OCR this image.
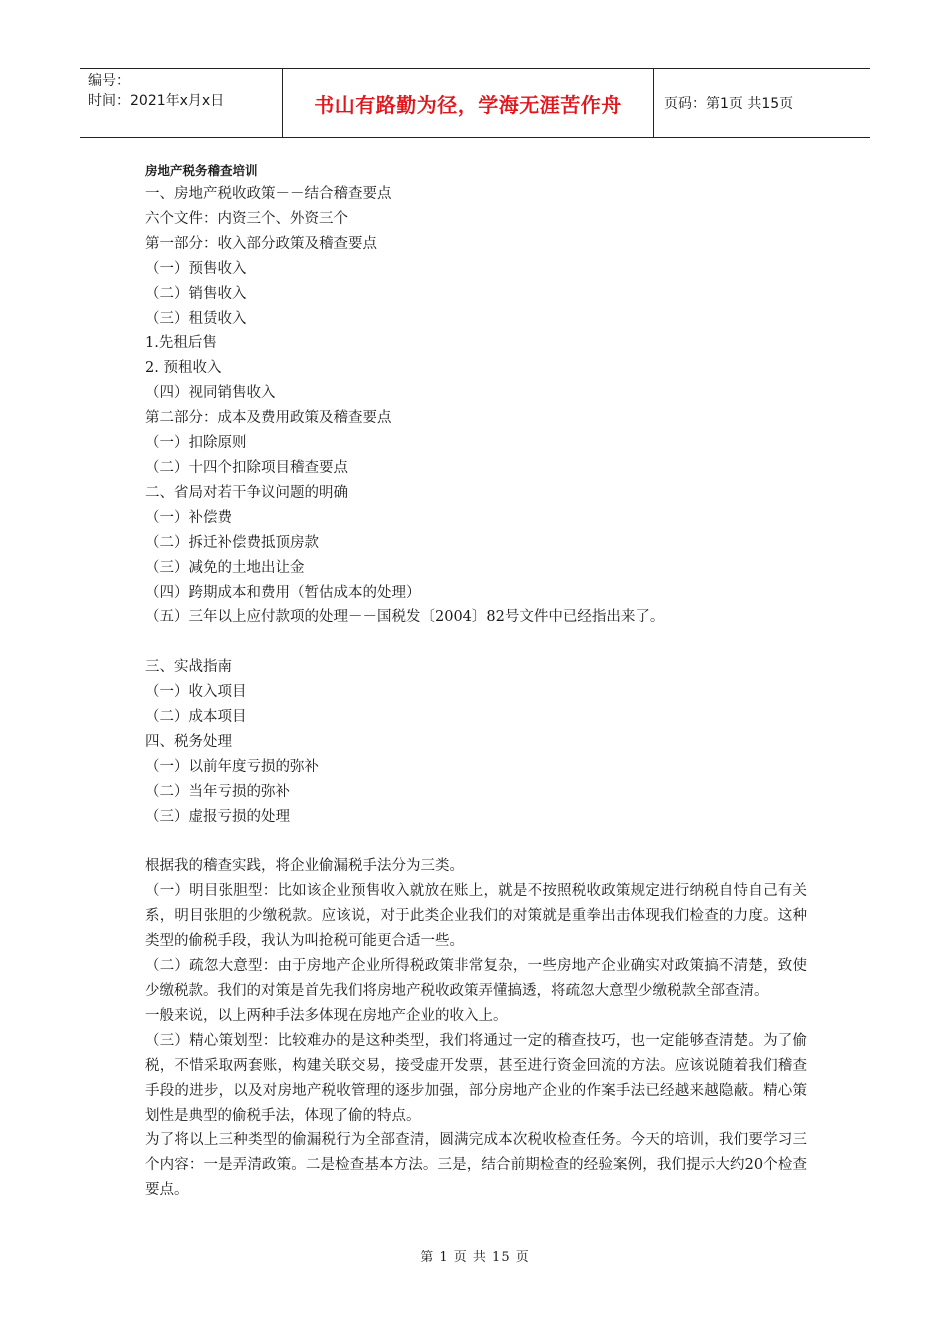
编号：
时间：2021年x月x日	书山有路勤为径，学海无涯苦作舟	页码：第1页 共15页

房地产税务稽查培训

一、房地产税收政策－－结合稽查要点

六个文件：内资三个、外资三个

第一部分：收入部分政策及稽查要点

（一）预售收入

（二）销售收入

（三）租赁收入

1.先租后售

2. 预租收入

（四）视同销售收入

第二部分：成本及费用政策及稽查要点

（一）扣除原则

（二）十四个扣除项目稽查要点

二、省局对若干争议问题的明确

（一）补偿费

（二）拆迁补偿费抵顶房款

（三）减免的土地出让金

（四）跨期成本和费用（暂估成本的处理）

（五）三年以上应付款项的处理－－国税发〔2004〕82号文件中已经指出来了。

三、实战指南

（一）收入项目

（二）成本项目

四、税务处理

（一）以前年度亏损的弥补

（二）当年亏损的弥补

（三）虚报亏损的处理

根据我的稽查实践，将企业偷漏税手法分为三类。

（一）明目张胆型：比如该企业预售收入就放在账上，就是不按照税收政策规定进行纳税自恃自己有关系，明目张胆的少缴税款。应该说，对于此类企业我们的对策就是重拳出击体现我们检查的力度。这种类型的偷税手段，我认为叫抢税可能更合适一些。

（二）疏忽大意型：由于房地产企业所得税政策非常复杂，一些房地产企业确实对政策搞不清楚，致使少缴税款。我们的对策是首先我们将房地产税收政策弄懂搞透，将疏忽大意型少缴税款全部查清。

一般来说，以上两种手法多体现在房地产企业的收入上。

（三）精心策划型：比较难办的是这种类型，我们将通过一定的稽查技巧，也一定能够查清楚。为了偷税，不惜采取两套账，构建关联交易，接受虚开发票，甚至进行资金回流的方法。应该说随着我们稽查手段的进步，以及对房地产税收管理的逐步加强，部分房地产企业的作案手法已经越来越隐蔽。精心策划性是典型的偷税手法，体现了偷的特点。

为了将以上三种类型的偷漏税行为全部查清，圆满完成本次税收检查任务。今天的培训，我们要学习三个内容：一是弄清政策。二是检查基本方法。三是，结合前期检查的经验案例，我们提示大约20个检查要点。

第 1 页 共 15 页
